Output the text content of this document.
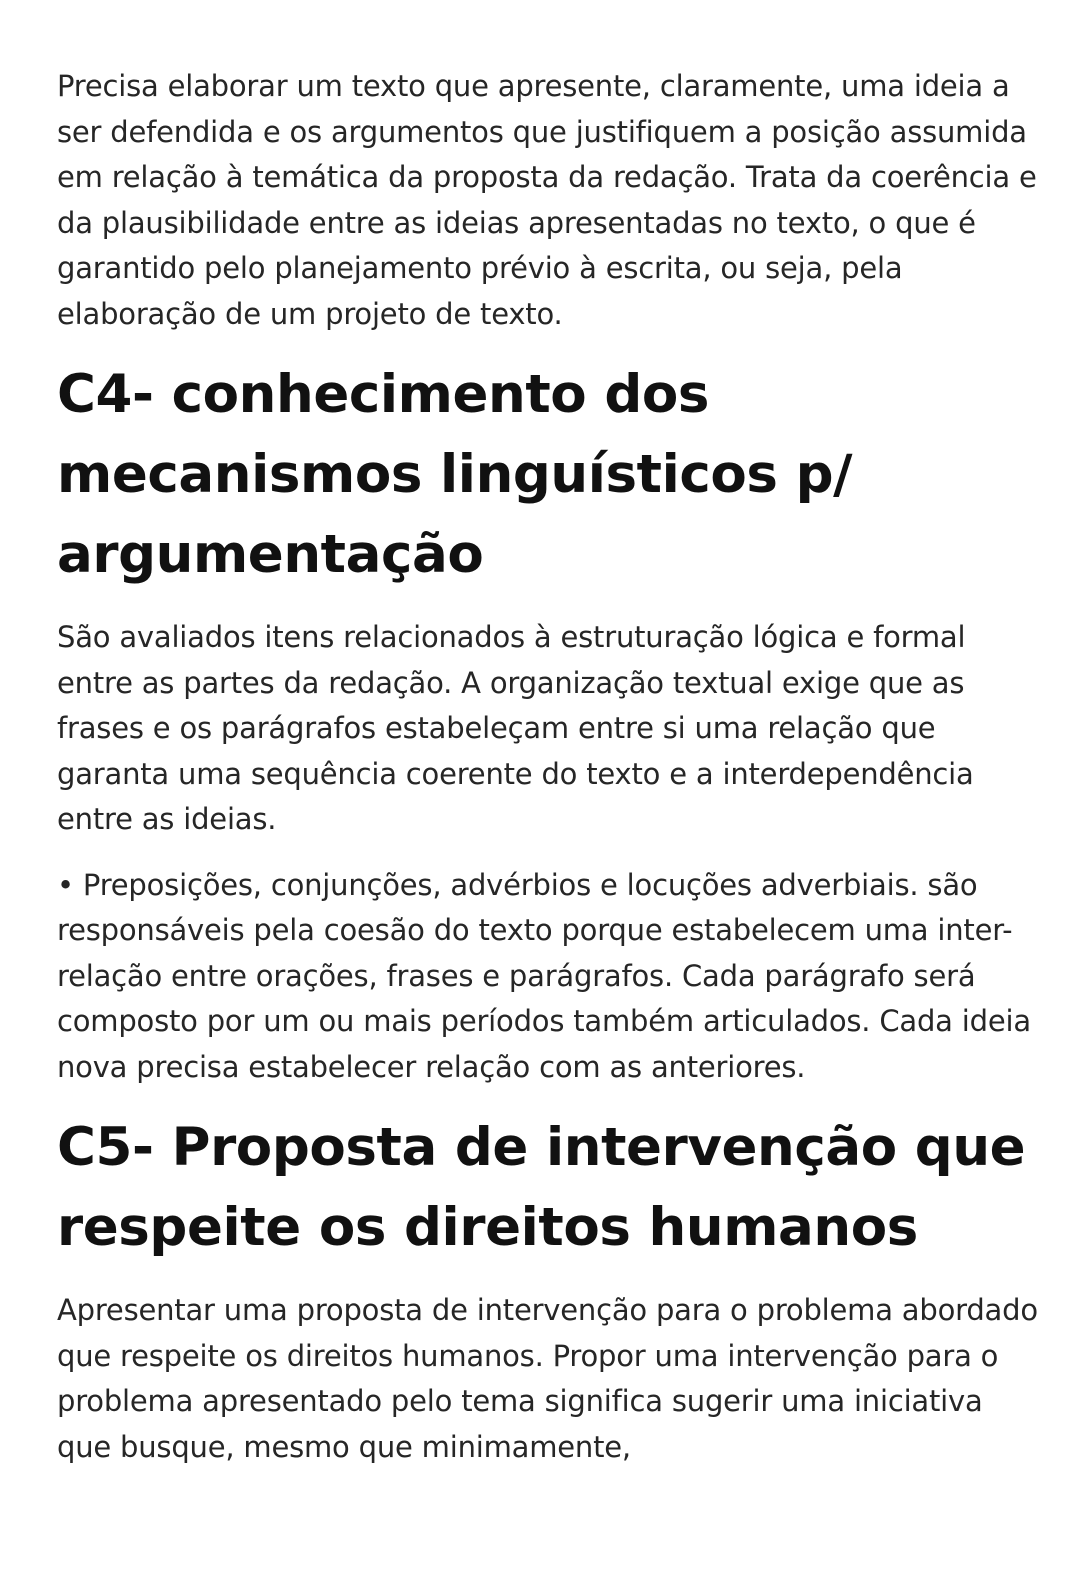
Precisa elaborar um texto que apresente, claramente, uma ideia a ser defendida e os argumentos que justifiquem a posição assumida em relação à temática da proposta da redação. Trata da coerência e da plausibilidade entre as ideias apresentadas no texto, o que é garantido pelo planejamento prévio à escrita, ou seja, pela elaboração de um projeto de texto.

C4- conhecimento dos mecanismos linguísticos p/ argumentação

São avaliados itens relacionados à estruturação lógica e formal entre as partes da redação. A organização textual exige que as frases e os parágrafos estabeleçam entre si uma relação que garanta uma sequência coerente do texto e a interdependência entre as ideias.

• Preposições, conjunções, advérbios e locuções adverbiais. são responsáveis pela coesão do texto porque estabelecem uma inter-relação entre orações, frases e parágrafos. Cada parágrafo será composto por um ou mais períodos também articulados. Cada ideia nova precisa estabelecer relação com as anteriores.

C5- Proposta de intervenção que respeite os direitos humanos

Apresentar uma proposta de intervenção para o problema abordado que respeite os direitos humanos. Propor uma intervenção para o problema apresentado pelo tema significa sugerir uma iniciativa que busque, mesmo que minimamente,
